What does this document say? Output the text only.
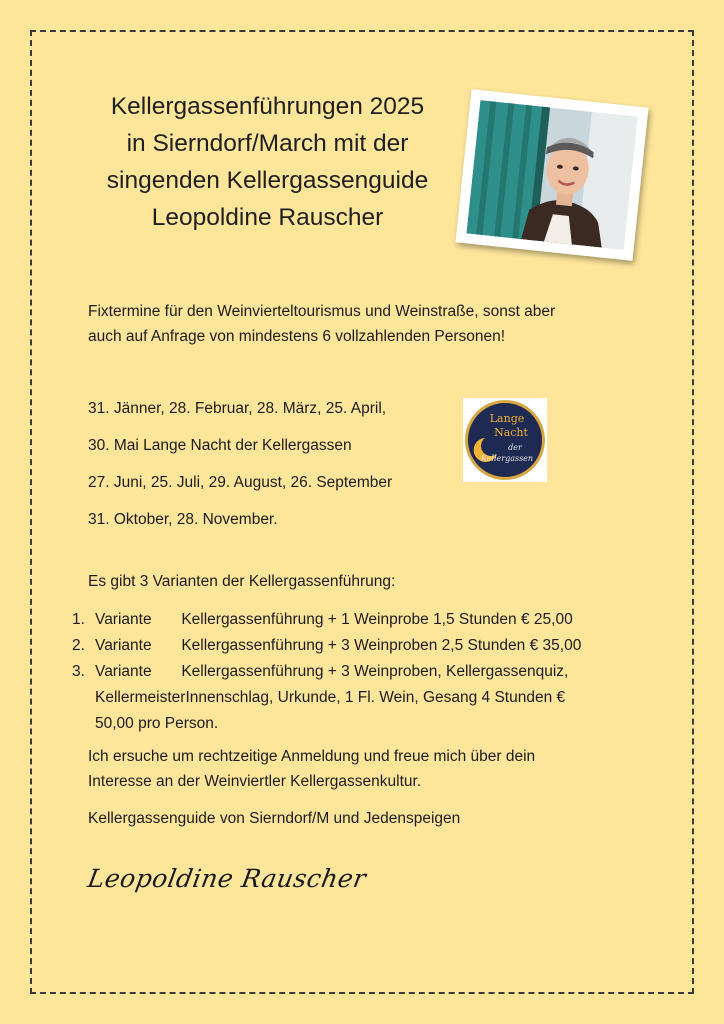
Kellergassenführungen 2025
in Sierndorf/March mit der
singenden Kellergassenguide
Leopoldine Rauscher
Fixtermine für den Weinvierteltourismus und Weinstraße, sonst aber
auch auf Anfrage von mindestens 6 vollzahlenden Personen!
31. Jänner, 28. Februar, 28. März, 25. April,
30. Mai Lange Nacht der Kellergassen
27. Juni, 25. Juli, 29. August, 26. September
31. Oktober, 28. November.
Lange
Nacht
der
Kellergassen
Es gibt 3 Varianten der Kellergassenführung:
1. Variante Kellergassenführung + 1 Weinprobe 1,5 Stunden € 25,00
2. Variante Kellergassenführung + 3 Weinproben 2,5 Stunden € 35,00
3. Variante Kellergassenführung + 3 Weinproben, Kellergassenquiz,
KellermeisterInnenschlag, Urkunde, 1 Fl. Wein, Gesang 4 Stunden €
50,00 pro Person.
Ich ersuche um rechtzeitige Anmeldung und freue mich über dein
Interesse an der Weinviertler Kellergassenkultur.
Kellergassenguide von Sierndorf/M und Jedenspeigen
Leopoldine Rauscher
